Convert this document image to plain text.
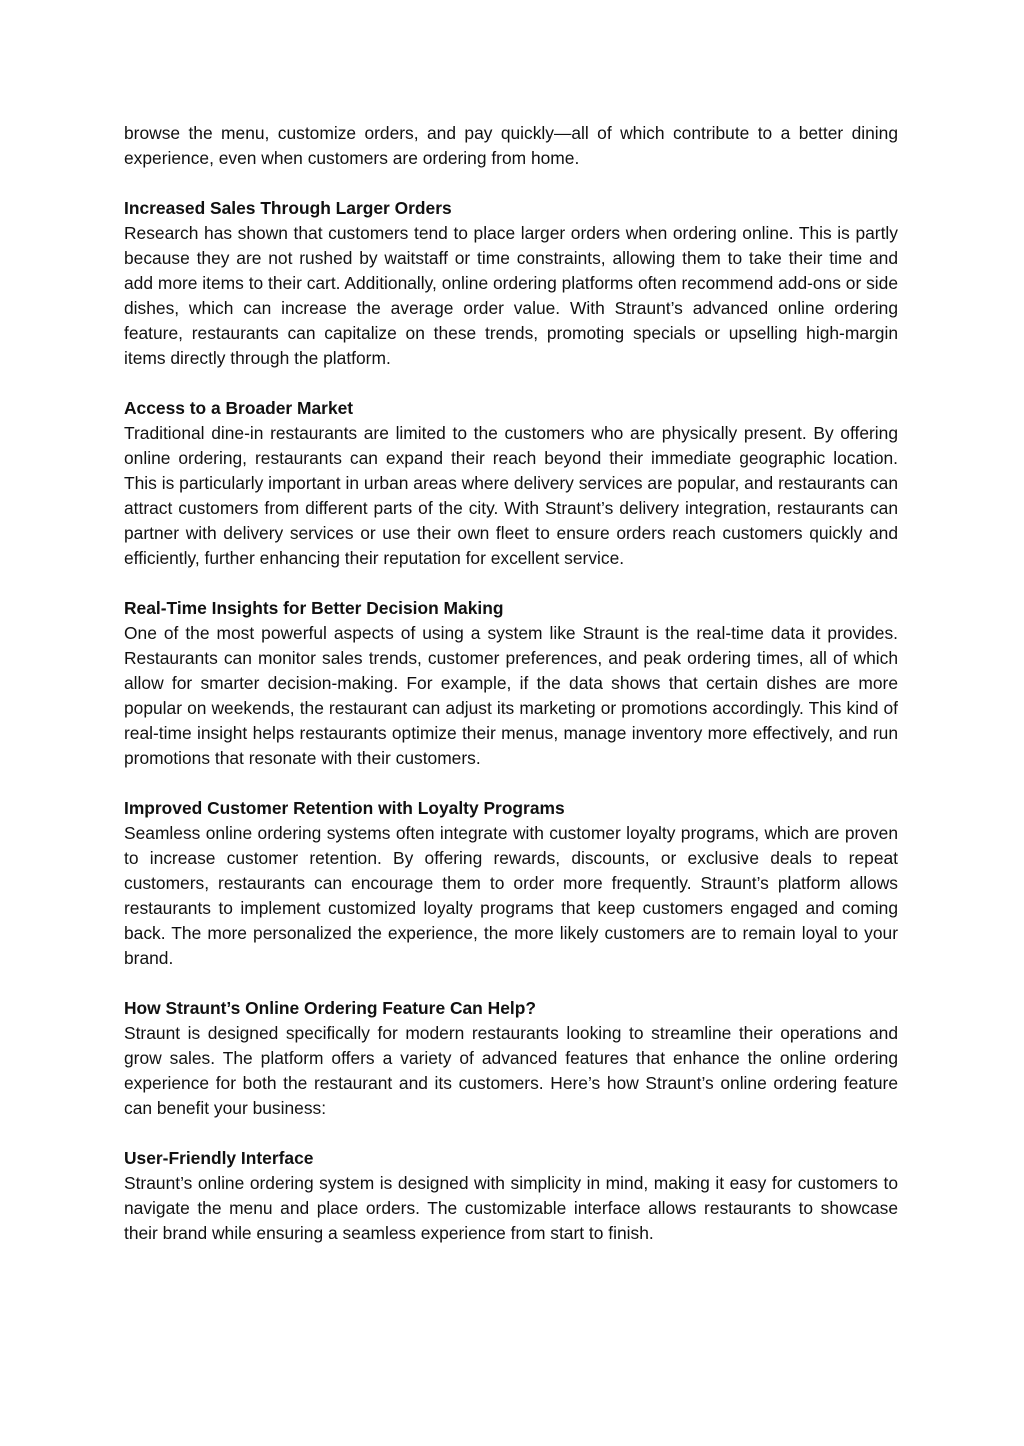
browse the menu, customize orders, and pay quickly—all of which contribute to a better dining experience, even when customers are ordering from home.

Increased Sales Through Larger Orders

Research has shown that customers tend to place larger orders when ordering online. This is partly because they are not rushed by waitstaff or time constraints, allowing them to take their time and add more items to their cart. Additionally, online ordering platforms often recommend add-ons or side dishes, which can increase the average order value. With Straunt’s advanced online ordering feature, restaurants can capitalize on these trends, promoting specials or upselling high-margin items directly through the platform.

Access to a Broader Market

Traditional dine-in restaurants are limited to the customers who are physically present. By offering online ordering, restaurants can expand their reach beyond their immediate geographic location. This is particularly important in urban areas where delivery services are popular, and restaurants can attract customers from different parts of the city. With Straunt’s delivery integration, restaurants can partner with delivery services or use their own fleet to ensure orders reach customers quickly and efficiently, further enhancing their reputation for excellent service.

Real-Time Insights for Better Decision Making

One of the most powerful aspects of using a system like Straunt is the real-time data it provides. Restaurants can monitor sales trends, customer preferences, and peak ordering times, all of which allow for smarter decision-making. For example, if the data shows that certain dishes are more popular on weekends, the restaurant can adjust its marketing or promotions accordingly. This kind of real-time insight helps restaurants optimize their menus, manage inventory more effectively, and run promotions that resonate with their customers.

Improved Customer Retention with Loyalty Programs

Seamless online ordering systems often integrate with customer loyalty programs, which are proven to increase customer retention. By offering rewards, discounts, or exclusive deals to repeat customers, restaurants can encourage them to order more frequently. Straunt’s platform allows restaurants to implement customized loyalty programs that keep customers engaged and coming back. The more personalized the experience, the more likely customers are to remain loyal to your brand.

How Straunt’s Online Ordering Feature Can Help?

Straunt is designed specifically for modern restaurants looking to streamline their operations and grow sales. The platform offers a variety of advanced features that enhance the online ordering experience for both the restaurant and its customers. Here’s how Straunt’s online ordering feature can benefit your business:

User-Friendly Interface

Straunt’s online ordering system is designed with simplicity in mind, making it easy for customers to navigate the menu and place orders. The customizable interface allows restaurants to showcase their brand while ensuring a seamless experience from start to finish.
